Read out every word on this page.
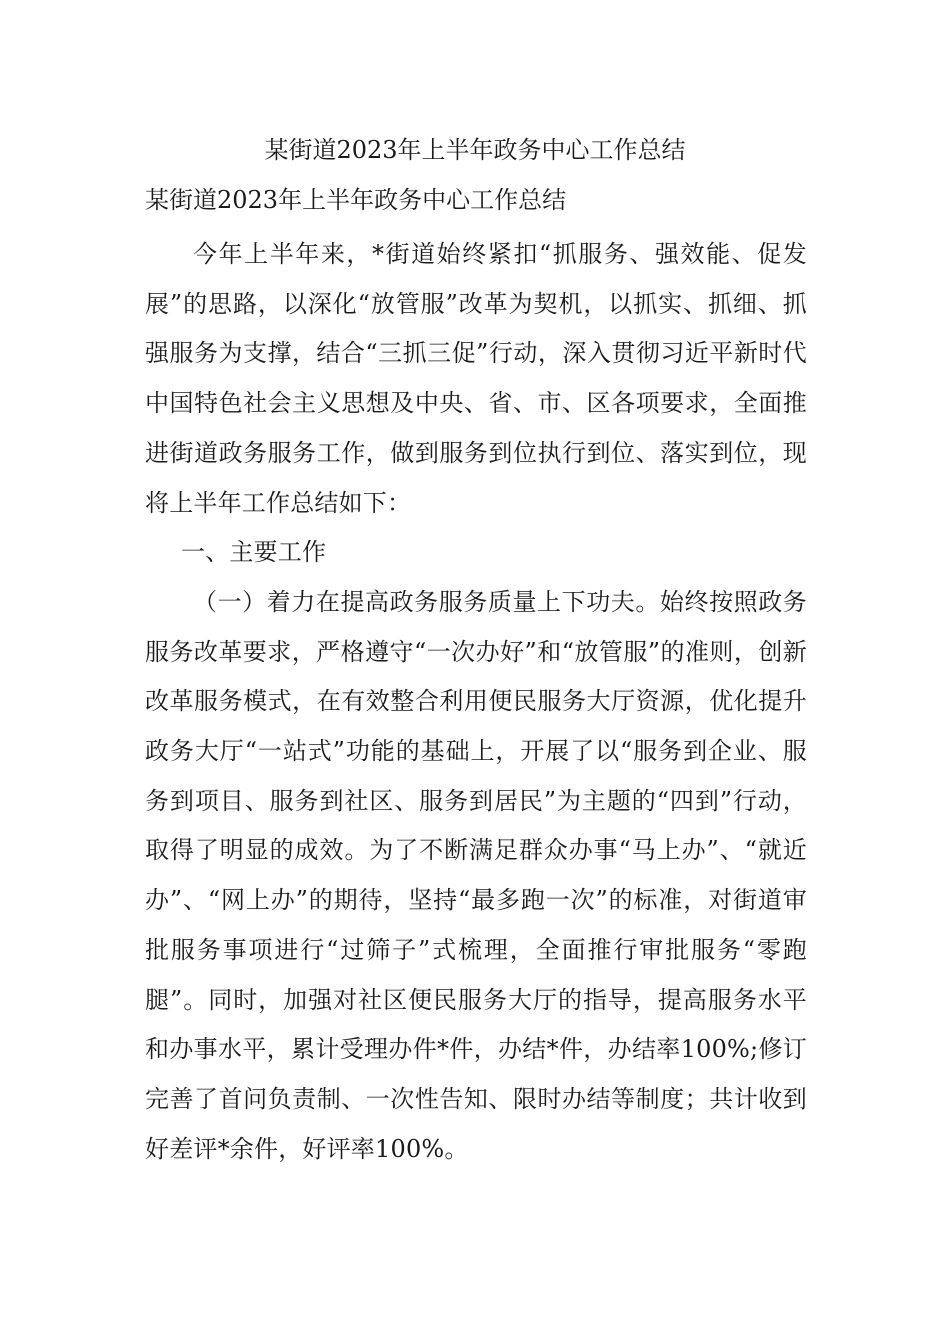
某街道2023年上半年政务中心工作总结
某街道2023年上半年政务中心工作总结

今年上半年来，*街道始终紧扣“抓服务、强效能、促发展”的思路，以深化“放管服”改革为契机，以抓实、抓细、抓强服务为支撑，结合“三抓三促”行动，深入贯彻习近平新时代中国特色社会主义思想及中央、省、市、区各项要求，全面推进街道政务服务工作，做到服务到位执行到位、落实到位，现将上半年工作总结如下：

一、主要工作

（一）着力在提高政务服务质量上下功夫。始终按照政务服务改革要求，严格遵守“一次办好”和“放管服”的准则，创新改革服务模式，在有效整合利用便民服务大厅资源，优化提升政务大厅“一站式”功能的基础上，开展了以“服务到企业、服务到项目、服务到社区、服务到居民”为主题的“四到”行动，取得了明显的成效。为了不断满足群众办事“马上办”、“就近办”、“网上办”的期待，坚持“最多跑一次”的标准，对街道审批服务事项进行“过筛子”式梳理，全面推行审批服务“零跑腿”。同时，加强对社区便民服务大厅的指导，提高服务水平和办事水平，累计受理办件*件，办结*件，办结率100%;修订完善了首问负责制、一次性告知、限时办结等制度；共计收到好差评*余件，好评率100%。
